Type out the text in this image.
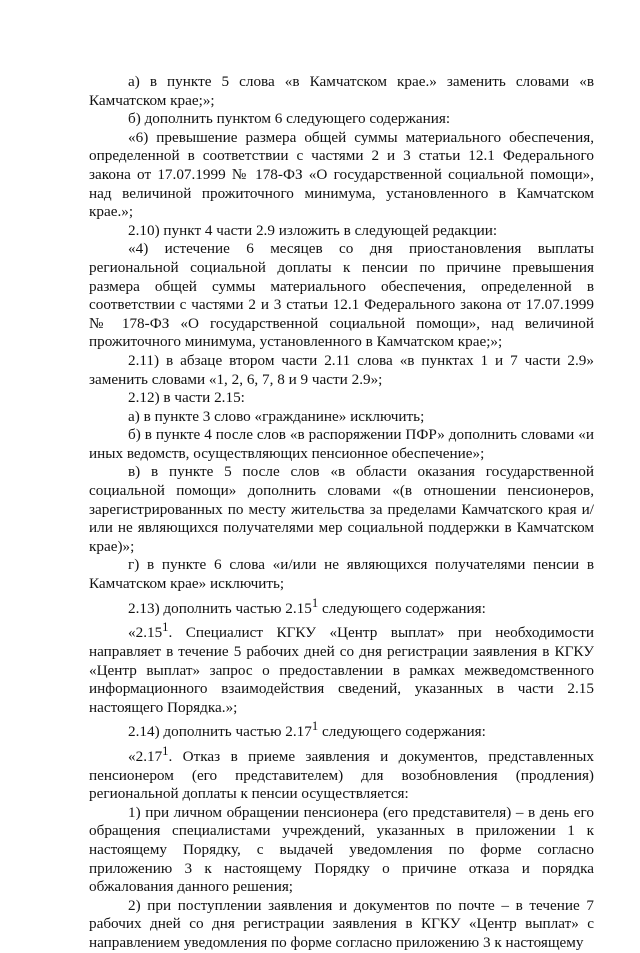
а) в пункте 5 слова «в Камчатском крае.» заменить словами «в Камчатском крае;»;

б) дополнить пунктом 6 следующего содержания:

«6) превышение размера общей суммы материального обеспечения, определенной в соответствии с частями 2 и 3 статьи 12.1 Федерального закона от 17.07.1999 № 178-ФЗ «О государственной социальной помощи», над величиной прожиточного минимума, установленного в Камчатском крае.»;

2.10) пункт 4 части 2.9 изложить в следующей редакции:

«4) истечение 6 месяцев со дня приостановления выплаты региональной социальной доплаты к пенсии по причине превышения размера общей суммы материального обеспечения, определенной в соответствии с частями 2 и 3 статьи 12.1 Федерального закона от 17.07.1999 № 178-ФЗ «О государственной социальной помощи», над величиной прожиточного минимума, установленного в Камчатском крае;»;

2.11) в абзаце втором части 2.11 слова «в пунктах 1 и 7 части 2.9» заменить словами «1, 2, 6, 7, 8 и 9 части 2.9»;

2.12) в части 2.15:

а) в пункте 3 слово «гражданине» исключить;

б) в пункте 4 после слов «в распоряжении ПФР» дополнить словами «и иных ведомств, осуществляющих пенсионное обеспечение»;

в) в пункте 5 после слов «в области оказания государственной социальной помощи» дополнить словами «(в отношении пенсионеров, зарегистрированных по месту жительства за пределами Камчатского края и/или не являющихся получателями мер социальной поддержки в Камчатском крае)»;

г) в пункте 6 слова «и/или не являющихся получателями пенсии в Камчатском крае» исключить;

2.13) дополнить частью 2.15$^1$ следующего содержания:

«2.15$^1$. Специалист КГКУ «Центр выплат» при необходимости направляет в течение 5 рабочих дней со дня регистрации заявления в КГКУ «Центр выплат» запрос о предоставлении в рамках межведомственного информационного взаимодействия сведений, указанных в части 2.15 настоящего Порядка.»;

2.14) дополнить частью 2.17$^1$ следующего содержания:

«2.17$^1$. Отказ в приеме заявления и документов, представленных пенсионером (его представителем) для возобновления (продления) региональной доплаты к пенсии осуществляется:

1) при личном обращении пенсионера (его представителя) – в день его обращения специалистами учреждений, указанных в приложении 1 к настоящему Порядку, с выдачей уведомления по форме согласно приложению 3 к настоящему Порядку о причине отказа и порядка обжалования данного решения;

2) при поступлении заявления и документов по почте – в течение 7 рабочих дней со дня регистрации заявления в КГКУ «Центр выплат» с направлением уведомления по форме согласно приложению 3 к настоящему
